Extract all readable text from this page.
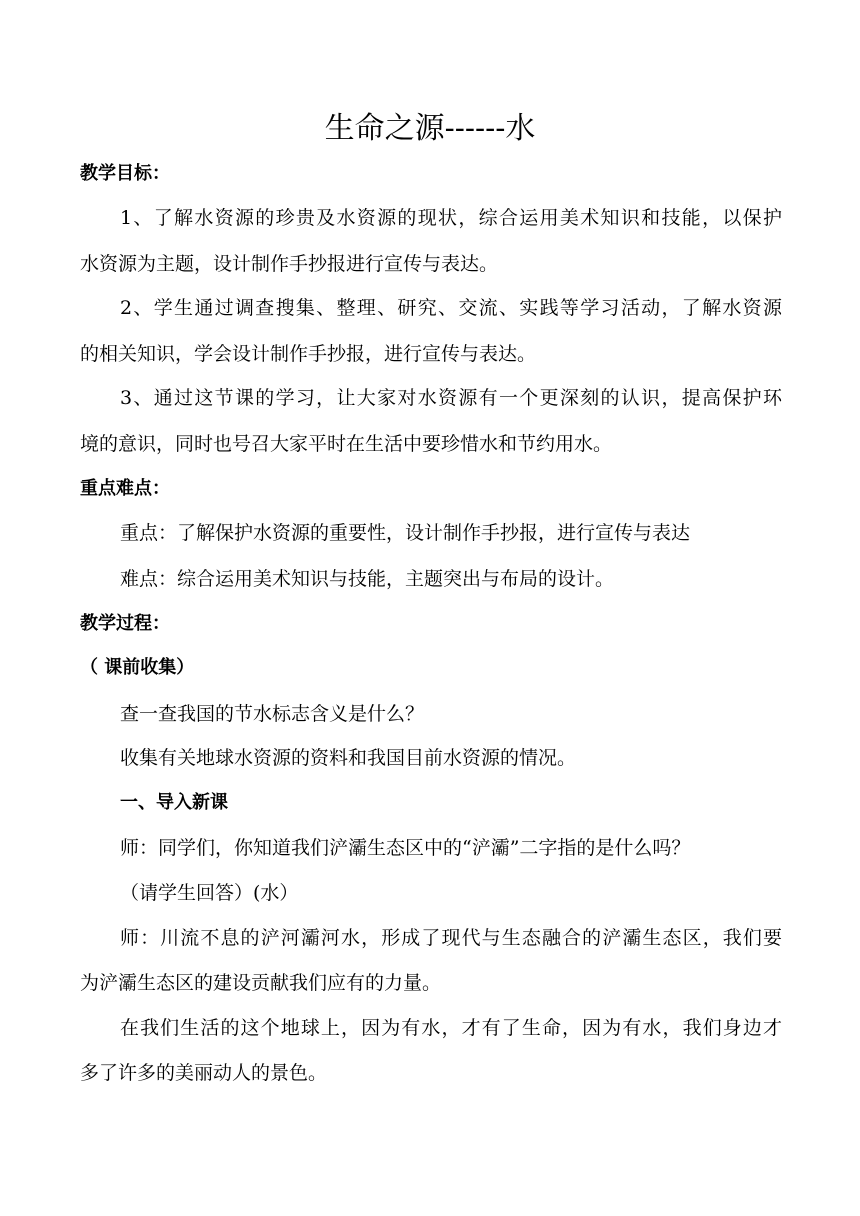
生命之源------水
教学目标：
1、了解水资源的珍贵及水资源的现状，综合运用美术知识和技能，以保护
水资源为主题，设计制作手抄报进行宣传与表达。
2、学生通过调查搜集、整理、研究、交流、实践等学习活动，了解水资源
的相关知识，学会设计制作手抄报，进行宣传与表达。
3、通过这节课的学习，让大家对水资源有一个更深刻的认识，提高保护环
境的意识，同时也号召大家平时在生活中要珍惜水和节约用水。
重点难点：
重点：了解保护水资源的重要性，设计制作手抄报，进行宣传与表达
难点：综合运用美术知识与技能，主题突出与布局的设计。
教学过程：
（ 课前收集）
查一查我国的节水标志含义是什么？
收集有关地球水资源的资料和我国目前水资源的情况。
一、导入新课
师：同学们，你知道我们浐灞生态区中的“浐灞”二字指的是什么吗？
（请学生回答）(水）
师：川流不息的浐河灞河水，形成了现代与生态融合的浐灞生态区，我们要
为浐灞生态区的建设贡献我们应有的力量。
在我们生活的这个地球上，因为有水，才有了生命，因为有水，我们身边才
多了许多的美丽动人的景色。
